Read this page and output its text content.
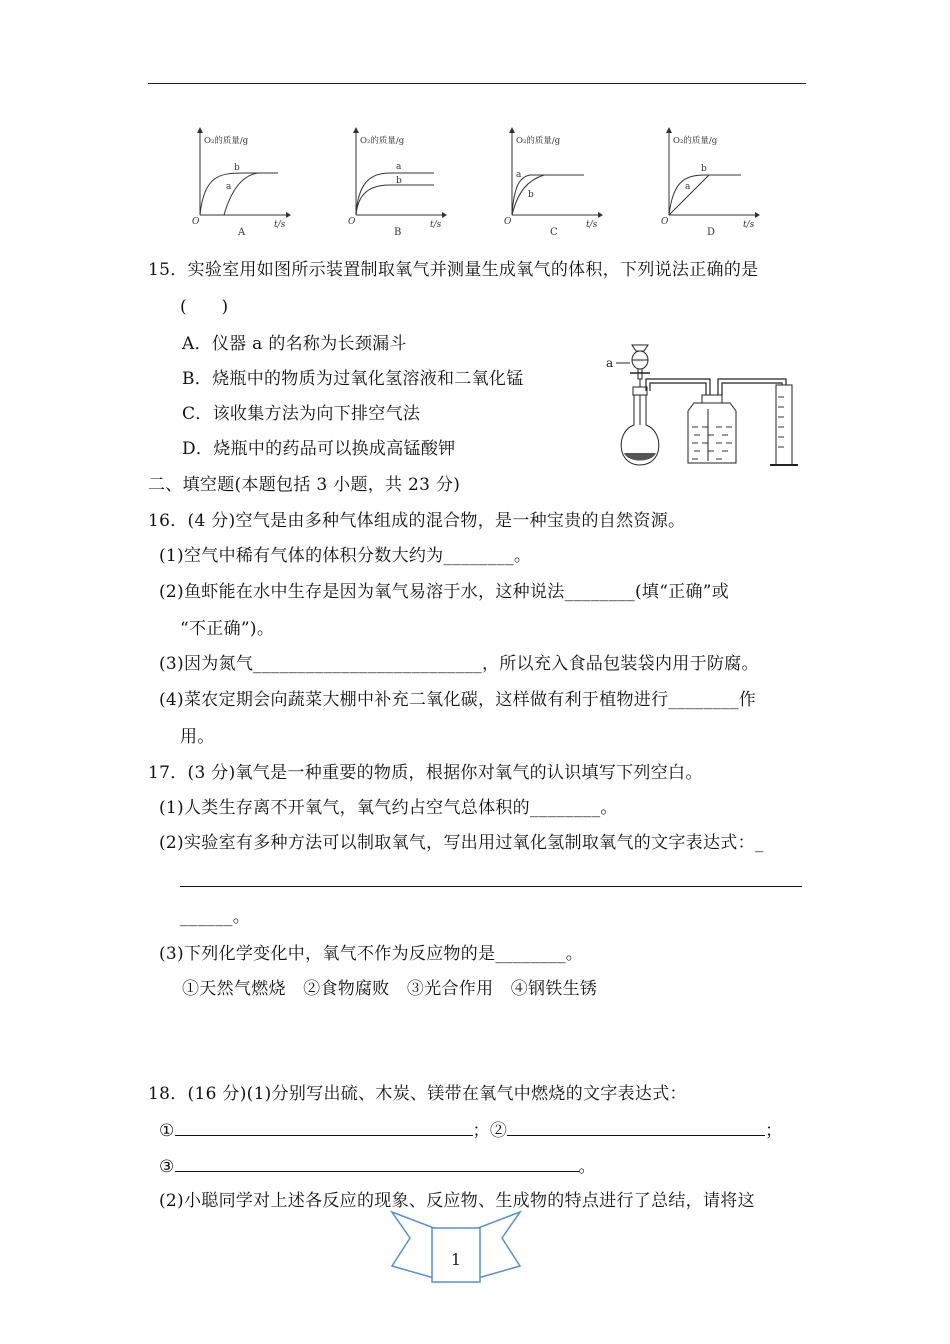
O₂的质量/g
t/s
O
b
a
A
O₂的质量/g
t/s
O
a
b
B
O₂的质量/g
t/s
O
a
b
C
O₂的质量/g
t/s
O
b
a
D
15．实验室用如图所示装置制取氧气并测量生成氧气的体积，下列说法正确的是
(　　)
A．仪器 a 的名称为长颈漏斗
B．烧瓶中的物质为过氧化氢溶液和二氧化锰
C．该收集方法为向下排空气法
D．烧瓶中的药品可以换成高锰酸钾
a
二、填空题(本题包括 3 小题，共 23 分)
16．(4 分)空气是由多种气体组成的混合物，是一种宝贵的自然资源。
(1)空气中稀有气体的体积分数大约为________。
(2)鱼虾能在水中生存是因为氧气易溶于水，这种说法________(填“正确”或
“不正确”)。
(3)因为氮气__________________________，所以充入食品包装袋内用于防腐。
(4)菜农定期会向蔬菜大棚中补充二氧化碳，这样做有利于植物进行________作
用。
17．(3 分)氧气是一种重要的物质，根据你对氧气的认识填写下列空白。
(1)人类生存离不开氧气，氧气约占空气总体积的________。
(2)实验室有多种方法可以制取氧气，写出用过氧化氢制取氧气的文字表达式：_
______。
(3)下列化学变化中，氧气不作为反应物的是________。
①天然气燃烧　②食物腐败　③光合作用　④钢铁生锈
18．(16 分)(1)分别写出硫、木炭、镁带在氧气中燃烧的文字表达式：
①	；②	；
③	。
(2)小聪同学对上述各反应的现象、反应物、生成物的特点进行了总结，请将这
1
